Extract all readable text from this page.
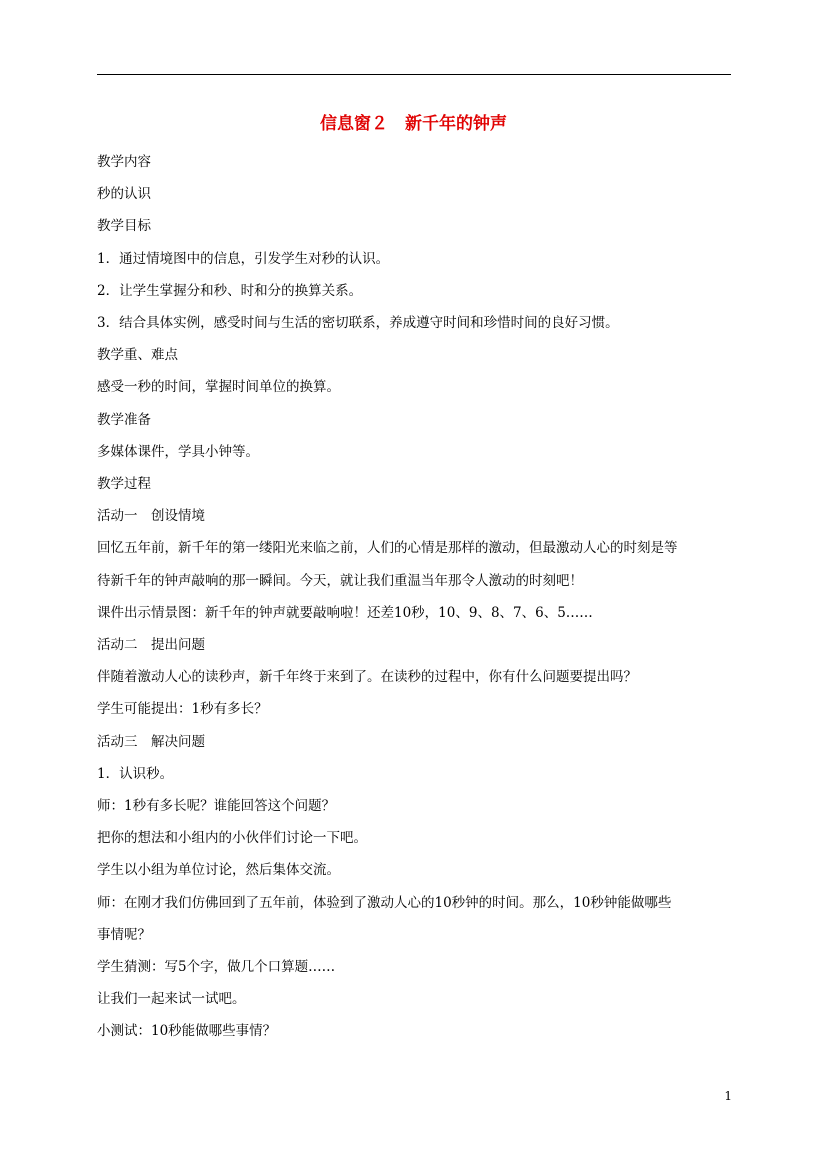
信息窗２　新千年的钟声

教学内容

秒的认识

教学目标

1．通过情境图中的信息，引发学生对秒的认识。

2．让学生掌握分和秒、时和分的换算关系。

3．结合具体实例，感受时间与生活的密切联系，养成遵守时间和珍惜时间的良好习惯。

教学重、难点

感受一秒的时间，掌握时间单位的换算。

教学准备

多媒体课件，学具小钟等。

教学过程

活动一　创设情境

回忆五年前，新千年的第一缕阳光来临之前，人们的心情是那样的激动，但最激动人心的时刻是等

待新千年的钟声敲响的那一瞬间。今天，就让我们重温当年那令人激动的时刻吧！

课件出示情景图：新千年的钟声就要敲响啦！还差10秒，10、9、8、7、6、5……

活动二　提出问题

伴随着激动人心的读秒声，新千年终于来到了。在读秒的过程中，你有什么问题要提出吗？

学生可能提出：1秒有多长？

活动三　解决问题

1．认识秒。

师：1秒有多长呢？谁能回答这个问题？

把你的想法和小组内的小伙伴们讨论一下吧。

学生以小组为单位讨论，然后集体交流。

师：在刚才我们仿佛回到了五年前，体验到了激动人心的10秒钟的时间。那么，10秒钟能做哪些

事情呢？

学生猜测：写5个字，做几个口算题……

让我们一起来试一试吧。

小测试：10秒能做哪些事情？

1
